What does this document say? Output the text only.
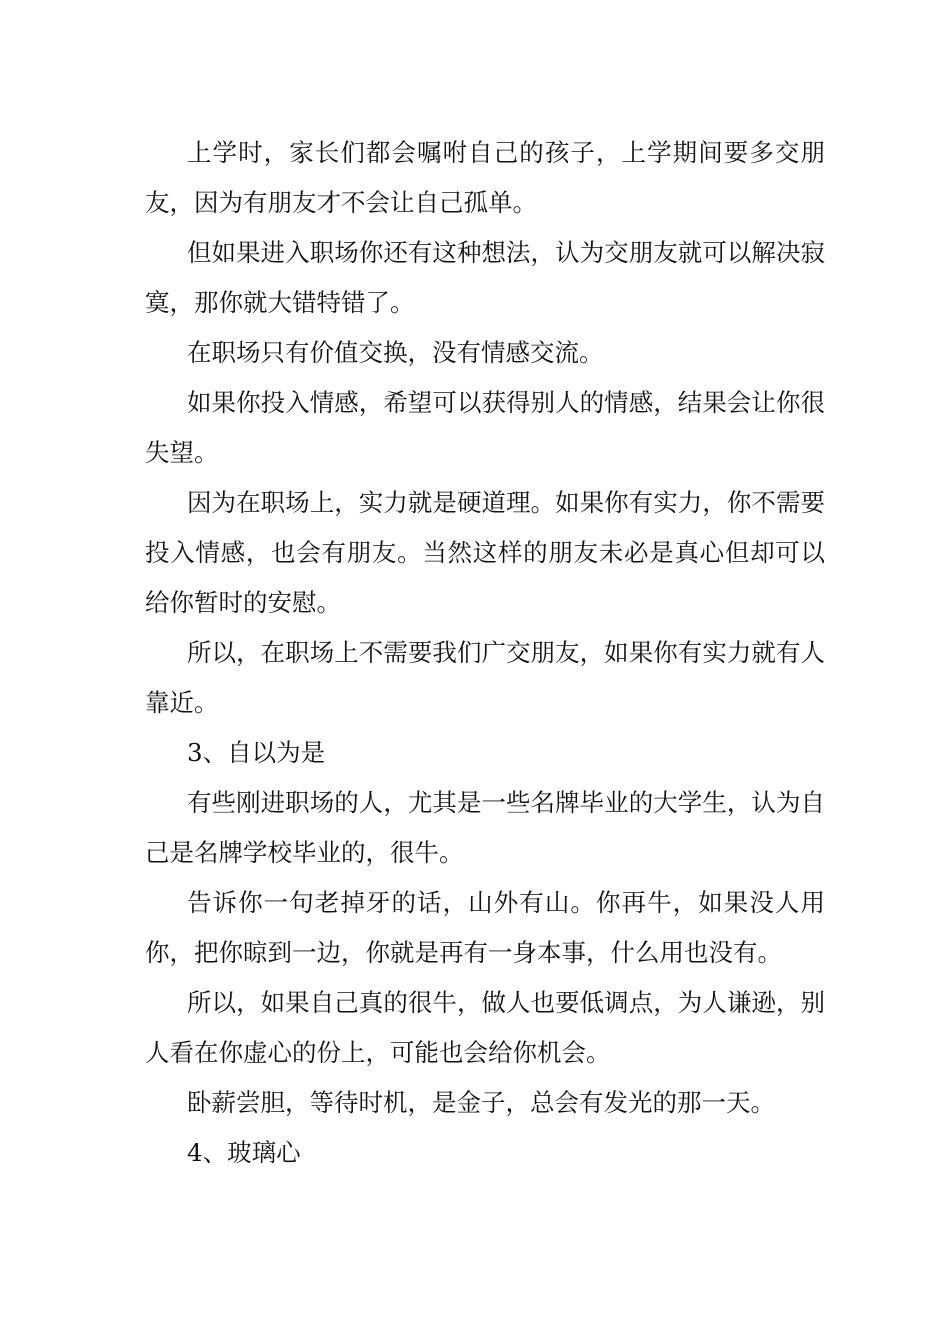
上学时，家长们都会嘱咐自己的孩子，上学期间要多交朋友，因为有朋友才不会让自己孤单。

但如果进入职场你还有这种想法，认为交朋友就可以解决寂寞，那你就大错特错了。

在职场只有价值交换，没有情感交流。

如果你投入情感，希望可以获得别人的情感，结果会让你很失望。

因为在职场上，实力就是硬道理。如果你有实力，你不需要投入情感，也会有朋友。当然这样的朋友未必是真心但却可以给你暂时的安慰。

所以，在职场上不需要我们广交朋友，如果你有实力就有人靠近。

3、自以为是

有些刚进职场的人，尤其是一些名牌毕业的大学生，认为自己是名牌学校毕业的，很牛。

告诉你一句老掉牙的话，山外有山。你再牛，如果没人用你，把你晾到一边，你就是再有一身本事，什么用也没有。

所以，如果自己真的很牛，做人也要低调点，为人谦逊，别人看在你虚心的份上，可能也会给你机会。

卧薪尝胆，等待时机，是金子，总会有发光的那一天。

4、玻璃心
